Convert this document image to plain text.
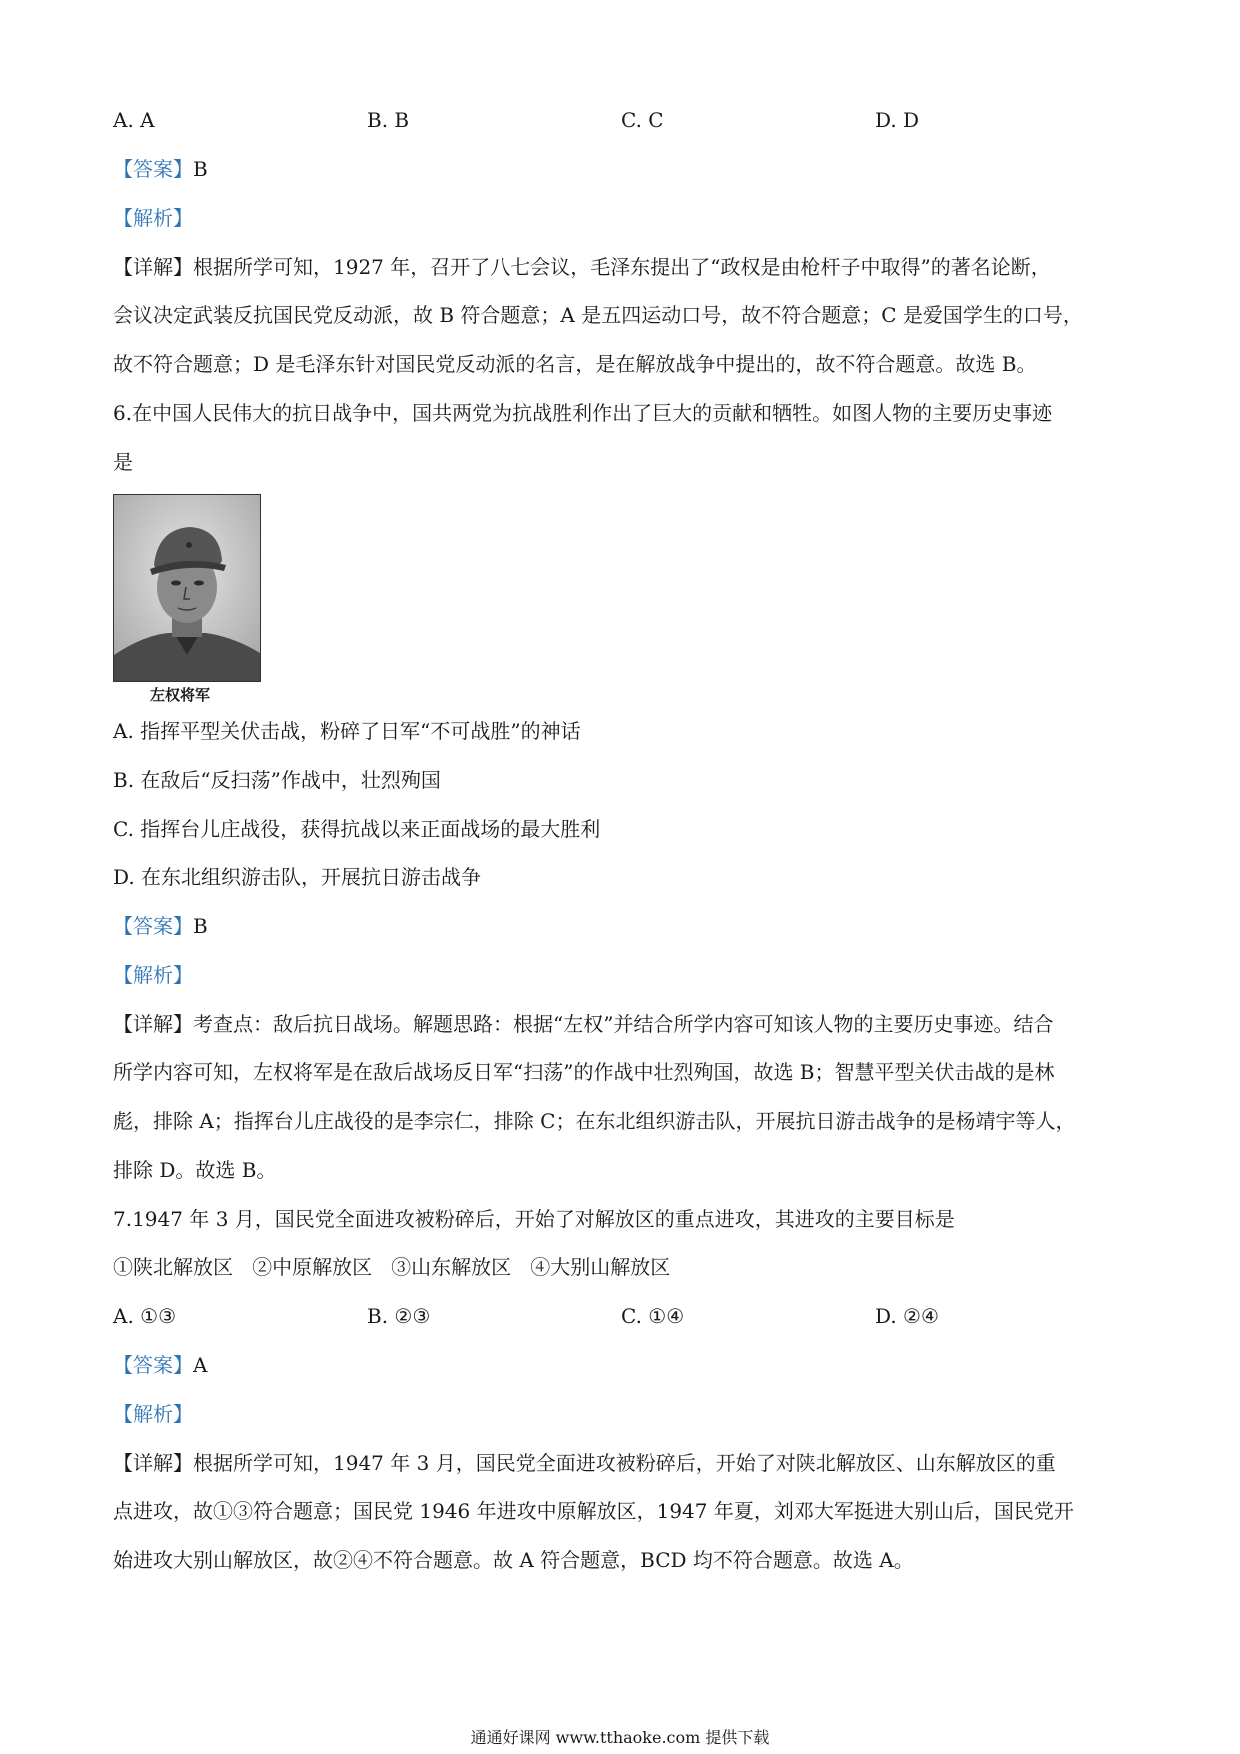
A. A	B. B	C. C	D. D
【答案】B
【解析】
【详解】根据所学可知，1927 年，召开了八七会议，毛泽东提出了“政权是由枪杆子中取得”的著名论断，
会议决定武装反抗国民党反动派，故 B 符合题意；A 是五四运动口号，故不符合题意；C 是爱国学生的口号，
故不符合题意；D 是毛泽东针对国民党反动派的名言，是在解放战争中提出的，故不符合题意。故选 B。
6.在中国人民伟大的抗日战争中，国共两党为抗战胜利作出了巨大的贡献和牺牲。如图人物的主要历史事迹
是
左权将军
A. 指挥平型关伏击战，粉碎了日军“不可战胜”的神话
B. 在敌后“反扫荡”作战中，壮烈殉国
C. 指挥台儿庄战役，获得抗战以来正面战场的最大胜利
D. 在东北组织游击队，开展抗日游击战争
【答案】B
【解析】
【详解】考查点：敌后抗日战场。解题思路：根据“左权”并结合所学内容可知该人物的主要历史事迹。结合
所学内容可知，左权将军是在敌后战场反日军“扫荡”的作战中壮烈殉国，故选 B；智慧平型关伏击战的是林
彪，排除 A；指挥台儿庄战役的是李宗仁，排除 C；在东北组织游击队，开展抗日游击战争的是杨靖宇等人，
排除 D。故选 B。
7.1947 年 3 月，国民党全面进攻被粉碎后，开始了对解放区的重点进攻，其进攻的主要目标是
①陕北解放区   ②中原解放区   ③山东解放区   ④大别山解放区
A. ①③	B. ②③	C. ①④	D. ②④
【答案】A
【解析】
【详解】根据所学可知，1947 年 3 月，国民党全面进攻被粉碎后，开始了对陕北解放区、山东解放区的重
点进攻，故①③符合题意；国民党 1946 年进攻中原解放区，1947 年夏，刘邓大军挺进大别山后，国民党开
始进攻大别山解放区，故②④不符合题意。故 A 符合题意，BCD 均不符合题意。故选 A。
通通好课网 www.tthaoke.com 提供下载
